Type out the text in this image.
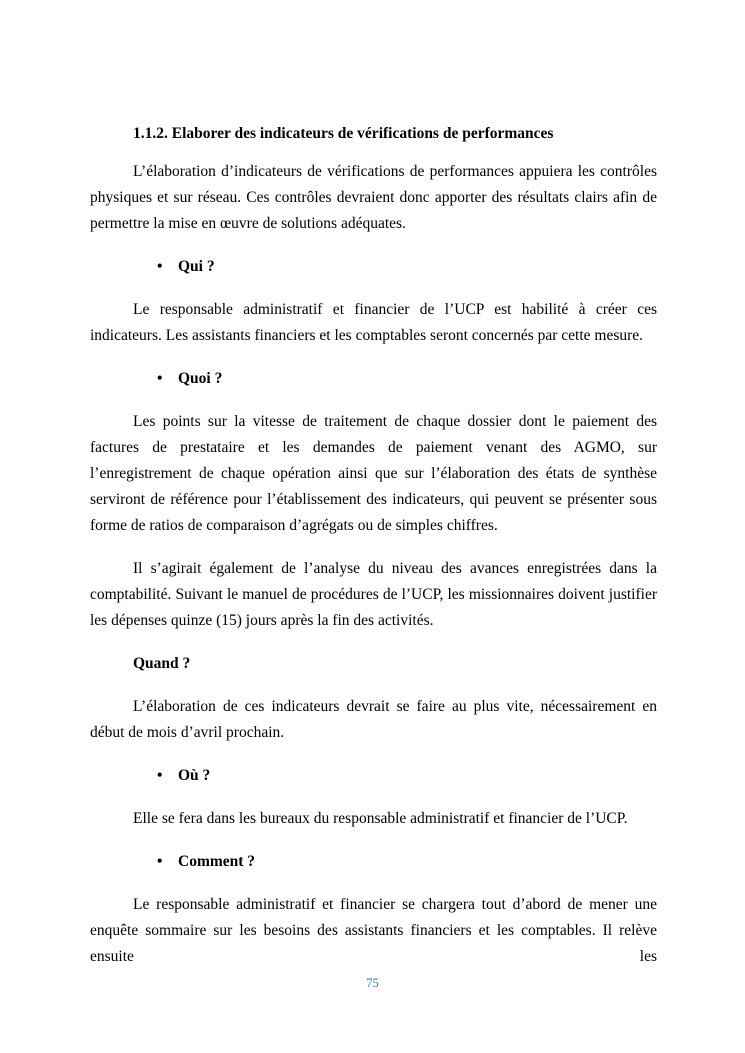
1.1.2. Elaborer des indicateurs de vérifications de performances

L’élaboration d’indicateurs de vérifications de performances appuiera les contrôles physiques et sur réseau. Ces contrôles devraient donc apporter des résultats clairs afin de permettre la mise en œuvre de solutions adéquates.

• Qui ?

Le responsable administratif et financier de l’UCP est habilité à créer ces indicateurs. Les assistants financiers et les comptables seront concernés par cette mesure.

• Quoi ?

Les points sur la vitesse de traitement de chaque dossier dont le paiement des factures de prestataire et les demandes de paiement venant des AGMO, sur l’enregistrement de chaque opération ainsi que sur l’élaboration des états de synthèse serviront de référence pour l’établissement des indicateurs, qui peuvent se présenter sous forme de ratios de comparaison d’agrégats ou de simples chiffres.

Il s’agirait également de l’analyse du niveau des avances enregistrées dans la comptabilité. Suivant le manuel de procédures de l’UCP, les missionnaires doivent justifier les dépenses quinze (15) jours après la fin des activités.

Quand ?

L’élaboration de ces indicateurs devrait se faire au plus vite, nécessairement en début de mois d’avril prochain.

• Où ?

Elle se fera dans les bureaux du responsable administratif et financier de l’UCP.

• Comment ?

Le responsable administratif et financier se chargera tout d’abord de mener une enquête sommaire sur les besoins des assistants financiers et les comptables. Il relève ensuite les

75
